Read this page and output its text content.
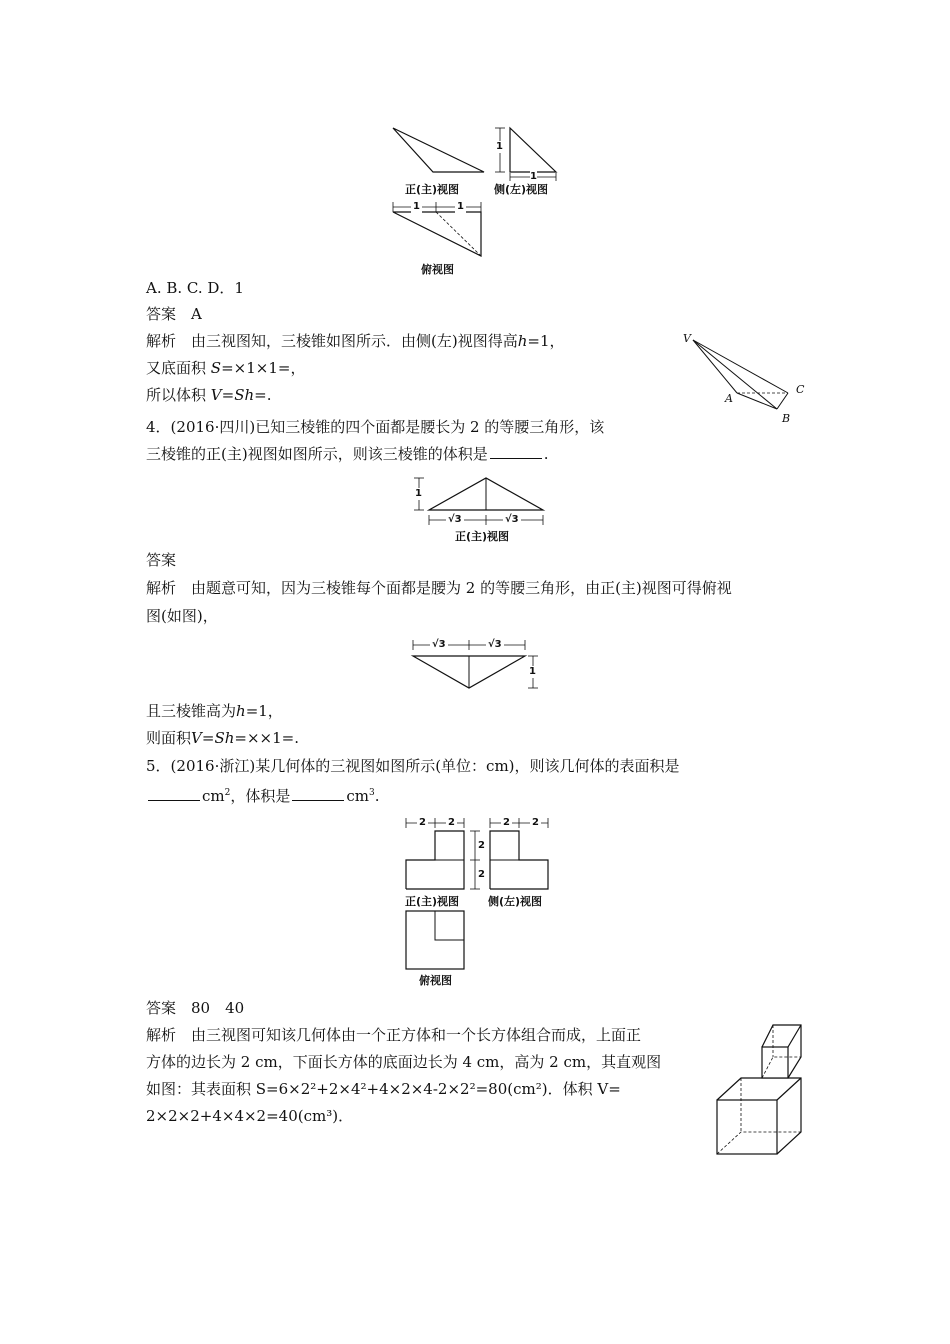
1
1
1	1
正(主)视图	侧(左)视图
俯视图
A. B. C. D．1
答案　A
解析　由三视图知，三棱锥如图所示．由侧(左)视图得高h=1，
又底面积 S=×1×1=，
所以体积 V=Sh=.
V
A
B
C
4．(2016·四川)已知三棱锥的四个面都是腰长为 2 的等腰三角形，该
三棱锥的正(主)视图如图所示，则该三棱锥的体积是	.
1
√3	√3
正(主)视图
答案
解析　由题意可知，因为三棱锥每个面都是腰为 2 的等腰三角形，由正(主)视图可得俯视
图(如图)，
√3	√3
1
且三棱锥高为h=1，
则面积V=Sh=××1=.
5．(2016·浙江)某几何体的三视图如图所示(单位：cm)，则该几何体的表面积是
$cm^2$，体积是	$cm^3$.
2 2
2
2
2 2
正(主)视图	侧(左)视图
俯视图
答案　80　40
解析　由三视图可知该几何体由一个正方体和一个长方体组合而成，上面正
方体的边长为 2 cm，下面长方体的底面边长为 4 cm，高为 2 cm，其直观图
如图：其表面积 S=6×2²+2×4²+4×2×4-2×2²=80(cm²)．体积 V=
2×2×2+4×4×2=40(cm³)．
